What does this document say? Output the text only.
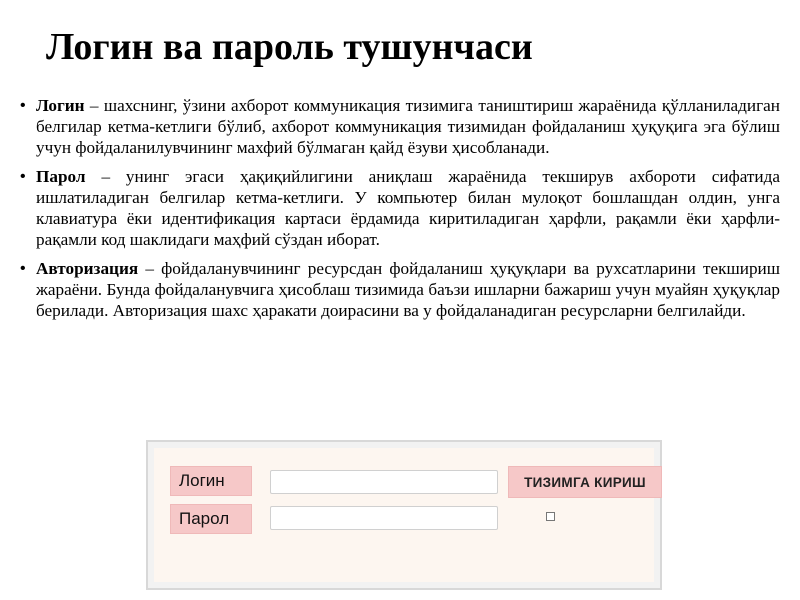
Логин ва пароль тушунчаси
• Логин – шахснинг, ўзини ахборот коммуникация тизимига таништириш жараёнида қўлланиладиган белгилар кетма-кетлиги бўлиб, ахборот коммуникация тизимидан фойдаланиш ҳуқуқига эга бўлиш учун фойдаланилувчининг махфий бўлмаган қайд ёзуви ҳисобланади.
• Парол – унинг эгаси ҳақиқийлигини аниқлаш жараёнида текширув ахбороти сифатида ишлатиладиган белгилар кетма-кетлиги. У компьютер билан мулоқот бошлашдан олдин, унга клавиатура ёки идентификация картаси ёрдамида киритиладиган ҳарфли, рақамли ёки ҳарфли-рақамли код шаклидаги маҳфий сўздан иборат.
• Авторизация – фойдаланувчининг ресурсдан фойдаланиш ҳуқуқлари ва рухсатларини текшириш жараёни. Бунда фойдаланувчига ҳисоблаш тизимида баъзи ишларни бажариш учун муайян ҳуқуқлар берилади. Авторизация шахс ҳаракати доирасини ва у фойдаланадиган ресурсларни белгилайди.
Логин
Парол
ТИЗИМГА КИРИШ
